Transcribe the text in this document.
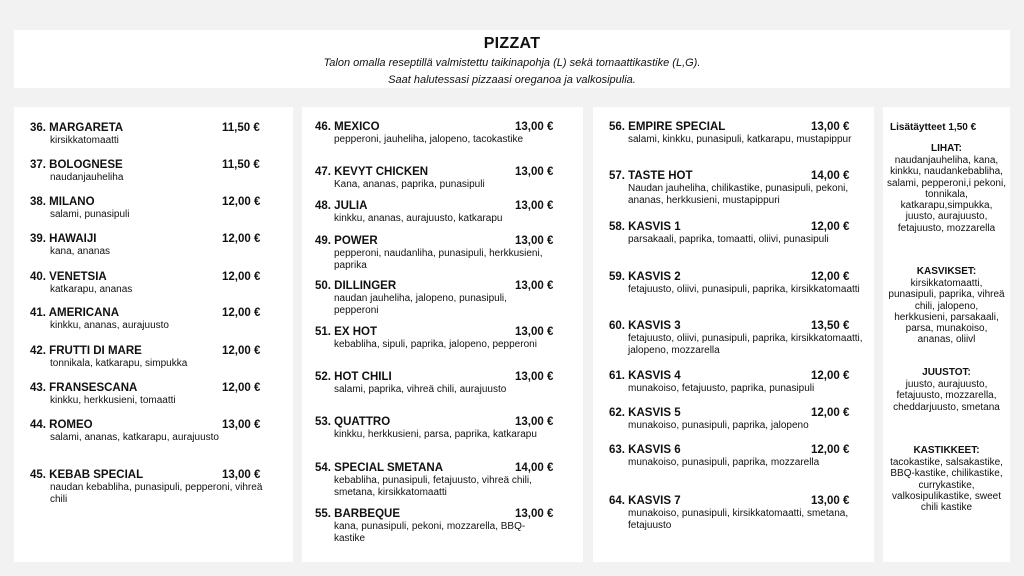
PIZZAT
Talon omalla reseptillä valmistettu taikinapohja (L) sekä tomaattikastike (L,G).
Saat halutessasi pizzaasi oreganoa ja valkosipulia.
36. MARGARETA	11,50 €
kirsikkatomaatti
37. BOLOGNESE	11,50 €
naudanjauheliha
38. MILANO	12,00 €
salami, punasipuli
39. HAWAIJI	12,00 €
kana, ananas
40. VENETSIA	12,00 €
katkarapu, ananas
41. AMERICANA	12,00 €
kinkku, ananas, aurajuusto
42. FRUTTI DI MARE	12,00 €
tonnikala, katkarapu, simpukka
43. FRANSESCANA	12,00 €
kinkku, herkkusieni, tomaatti
44. ROMEO	13,00 €
salami, ananas, katkarapu, aurajuusto
45. KEBAB SPECIAL	13,00 €
naudan kebabliha, punasipuli, pepperoni, vihreä chili
46. MEXICO	13,00 €
pepperoni, jauheliha, jalopeno, tacokastike
47. KEVYT CHICKEN	13,00 €
Kana, ananas, paprika, punasipuli
48. JULIA	13,00 €
kinkku, ananas, aurajuusto, katkarapu
49. POWER	13,00 €
pepperoni, naudanliha, punasipuli, herkkusieni, paprika
50. DILLINGER	13,00 €
naudan jauheliha, jalopeno, punasipuli, pepperoni
51. EX HOT	13,00 €
kebabliha, sipuli, paprika, jalopeno, pepperoni
52. HOT CHILI	13,00 €
salami, paprika, vihreä chili, aurajuusto
53. QUATTRO	13,00 €
kinkku, herkkusieni, parsa, paprika, katkarapu
54. SPECIAL SMETANA	14,00 €
kebabliha, punasipuli, fetajuusto, vihreä chili, smetana, kirsikkatomaatti
55. BARBEQUE	13,00 €
kana, punasipuli, pekoni, mozzarella, BBQ-kastike
56. EMPIRE SPECIAL	13,00 €
salami, kinkku, punasipuli, katkarapu, mustapippur
57. TASTE HOT	14,00 €
Naudan jauheliha, chilikastike, punasipuli, pekoni, ananas, herkkusieni, mustapippuri
58. KASVIS 1	12,00 €
parsakaali, paprika, tomaatti, oliivi, punasipuli
59. KASVIS 2	12,00 €
fetajuusto, oliivi, punasipuli, paprika, kirsikkatomaatti
60. KASVIS 3	13,50 €
fetajuusto, oliivi, punasipuli, paprika, kirsikkatomaatti, jalopeno, mozzarella
61. KASVIS 4	12,00 €
munakoiso, fetajuusto, paprika, punasipuli
62. KASVIS 5	12,00 €
munakoiso, punasipuli, paprika, jalopeno
63. KASVIS 6	12,00 €
munakoiso, punasipuli, paprika, mozzarella
64. KASVIS 7	13,00 €
munakoiso, punasipuli, kirsikkatomaatti, smetana, fetajuusto
Lisätäytteet 1,50 €
LIHAT:
naudanjauheliha, kana, kinkku, naudankebabliha, salami, pepperoni,i pekoni, tonnikala, katkarapu,simpukka, juusto, aurajuusto, fetajuusto, mozzarella
KASVIKSET:
kirsikkatomaatti, punasipuli, paprika, vihreä chili, jalopeno, herkkusieni, parsakaali, parsa, munakoiso, ananas, oliivl
JUUSTOT:
juusto, aurajuusto, fetajuusto, mozzarella, cheddarjuusto, smetana
KASTIKKEET:
tacokastike, salsakastike, BBQ-kastike, chilikastike, currykastike, valkosipulikastike, sweet chili kastike
